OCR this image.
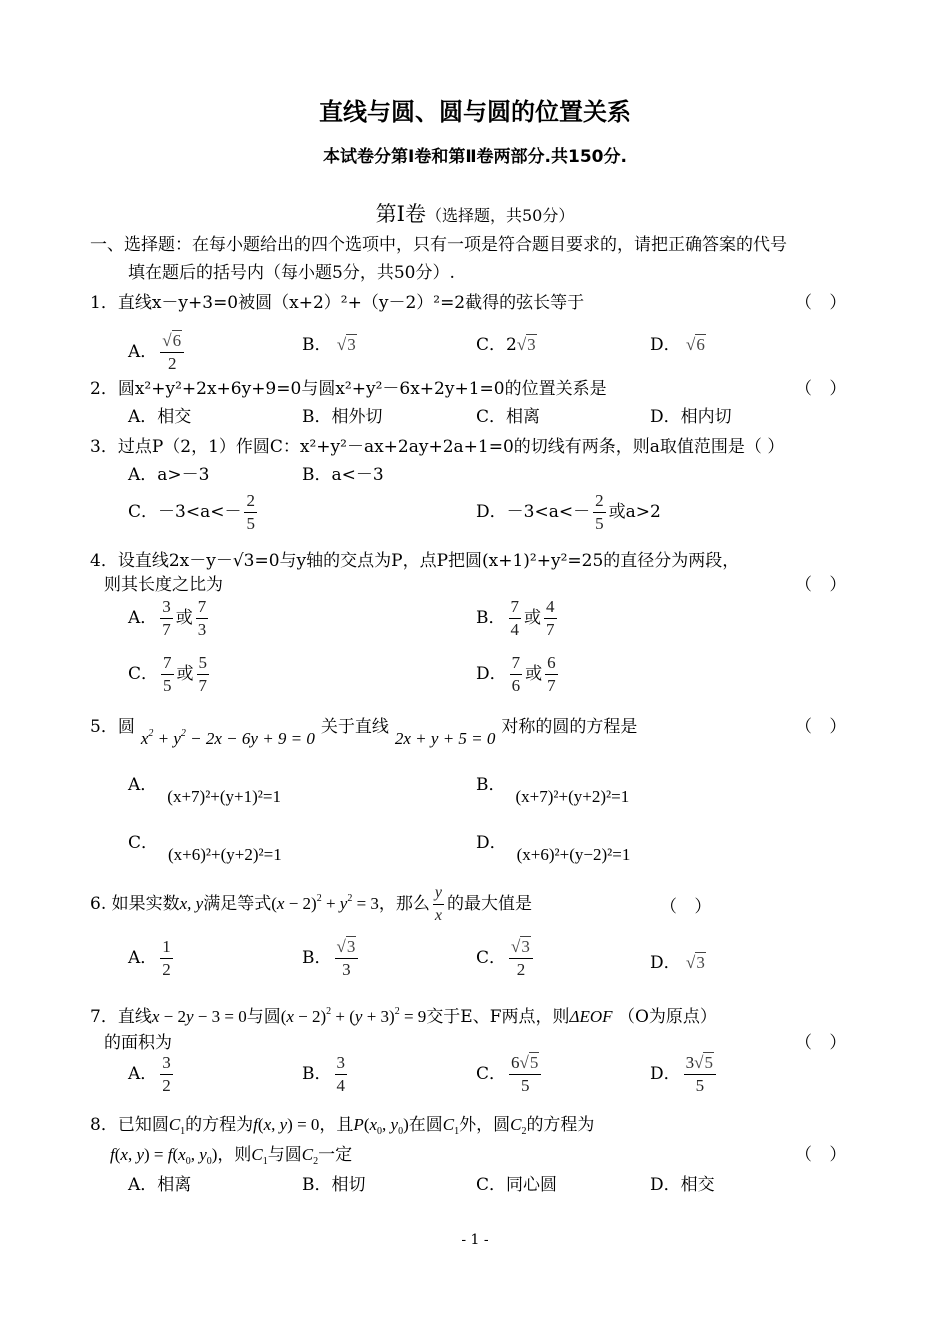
直线与圆、圆与圆的位置关系
本试卷分第Ⅰ卷和第Ⅱ卷两部分.共150分.
第Ⅰ卷（选择题，共50分）
一、选择题：在每小题给出的四个选项中，只有一项是符合题目要求的，请把正确答案的代号
填在题后的括号内（每小题5分，共50分）.
1．直线x－y+3=0被圆（x+2）²+（y－2）²=2截得的弦长等于	（ ）
A． $\frac{√6}{2}$	B． √3	C．2√3	D． √6
2．圆x²+y²+2x+6y+9=0与圆x²+y²－6x+2y+1=0的位置关系是	（ ）
A．相交	B．相外切	C．相离	D．相内切
3．过点P（2，1）作圆C：x²+y²－ax+2ay+2a+1=0的切线有两条，则a取值范围是（ ）
A．a>－3	B．a<－3
C．$-3<a<- \frac{2}{5}$	D．$-3<a<- \frac{2}{5}$ 或a>2
4．设直线2x－y－√3=0与y轴的交点为P，点P把圆(x+1)²+y²=25的直径分为两段，
则其长度之比为	（ ）
A． $\frac{3}{7}$ 或 $\frac{7}{3}$	B． $\frac{7}{4}$ 或 $\frac{4}{7}$
C． $\frac{7}{5}$ 或 $\frac{5}{7}$	D． $\frac{7}{6}$ 或 $\frac{6}{7}$
5．圆$x^2 + y^2 - 2x - 6y + 9 = 0$关于直线2x + y + 5 = 0对称的圆的方程是	（ ）
A．(x+7)²+(y+1)²=1
B．(x+7)²+(y+2)²=1
C．(x+6)²+(y+2)²=1
D．(x+6)²+(y−2)²=1
6. 如果实数x, y满足等式$(x - 2)^2 + y^2 = 3$，那么 $\frac{y}{x}$ 的最大值是	（ ）
A． $\frac{1}{2}$	B． $\frac{√3}{3}$	C． $\frac{√3}{2}$	D． √3
7．直线x − 2y − 3 = 0与圆$(x - 2)^2 + (y + 3)^2 = 9$交于E、F两点，则ΔEOF （O为原点）
的面积为	（ ）
A． $\frac{3}{2}$	B． $\frac{3}{4}$	C． $\frac{6√5}{5}$	D． $\frac{3√5}{5}$
8．已知圆$C_1$的方程为f(x, y) = 0，且$P(x_0$, $y_0$)在圆$C_1$外，圆$C_2$的方程为
f(x, $y) = f(x_0$, $y_0$)，则$C_1$与圆$C_2$一定	（ ）
A．相离	B．相切	C．同心圆	D．相交
- 1 -
